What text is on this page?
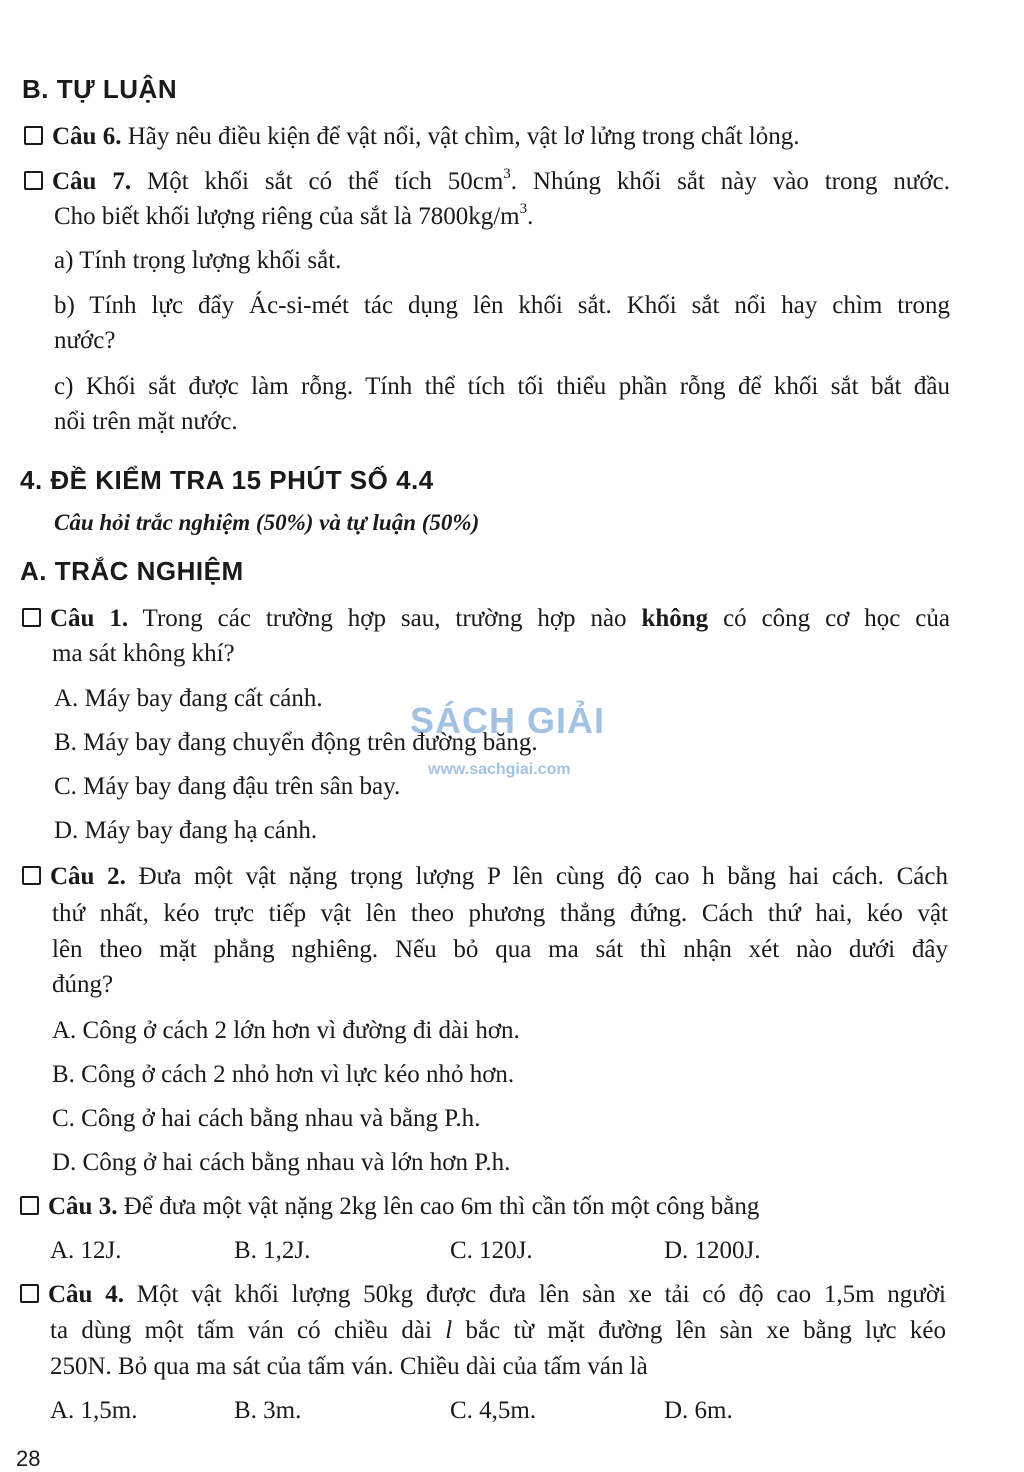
B. TỰ LUẬN
Câu 6. Hãy nêu điều kiện để vật nổi, vật chìm, vật lơ lửng trong chất lỏng.
Câu 7. Một khối sắt có thể tích $50cm^3$. Nhúng khối sắt này vào trong nước.
Cho biết khối lượng riêng của sắt là $7800kg/m^3$.
a) Tính trọng lượng khối sắt.
b) Tính lực đẩy Ác-si-mét tác dụng lên khối sắt. Khối sắt nổi hay chìm trong
nước?
c) Khối sắt được làm rỗng. Tính thể tích tối thiểu phần rỗng để khối sắt bắt đầu
nổi trên mặt nước.
4. ĐỀ KIỂM TRA 15 PHÚT SỐ 4.4
Câu hỏi trắc nghiệm (50%) và tự luận (50%)
A. TRẮC NGHIỆM
Câu 1. Trong các trường hợp sau, trường hợp nào không có công cơ học của
ma sát không khí?
A. Máy bay đang cất cánh.
B. Máy bay đang chuyển động trên đường băng.
C. Máy bay đang đậu trên sân bay.
D. Máy bay đang hạ cánh.
Câu 2. Đưa một vật nặng trọng lượng P lên cùng độ cao h bằng hai cách. Cách
thứ nhất, kéo trực tiếp vật lên theo phương thẳng đứng. Cách thứ hai, kéo vật
lên theo mặt phẳng nghiêng. Nếu bỏ qua ma sát thì nhận xét nào dưới đây
đúng?
A. Công ở cách 2 lớn hơn vì đường đi dài hơn.
B. Công ở cách 2 nhỏ hơn vì lực kéo nhỏ hơn.
C. Công ở hai cách bằng nhau và bằng P.h.
D. Công ở hai cách bằng nhau và lớn hơn P.h.
Câu 3. Để đưa một vật nặng 2kg lên cao 6m thì cần tốn một công bằng
A. 12J.	B. 1,2J.	C. 120J.	D. 1200J.
Câu 4. Một vật khối lượng 50kg được đưa lên sàn xe tải có độ cao 1,5m người
ta dùng một tấm ván có chiều dài l bắc từ mặt đường lên sàn xe bằng lực kéo
250N. Bỏ qua ma sát của tấm ván. Chiều dài của tấm ván là
A. 1,5m.	B. 3m.	C. 4,5m.	D. 6m.
SÁCH GIẢI
www.sachgiai.com
28
